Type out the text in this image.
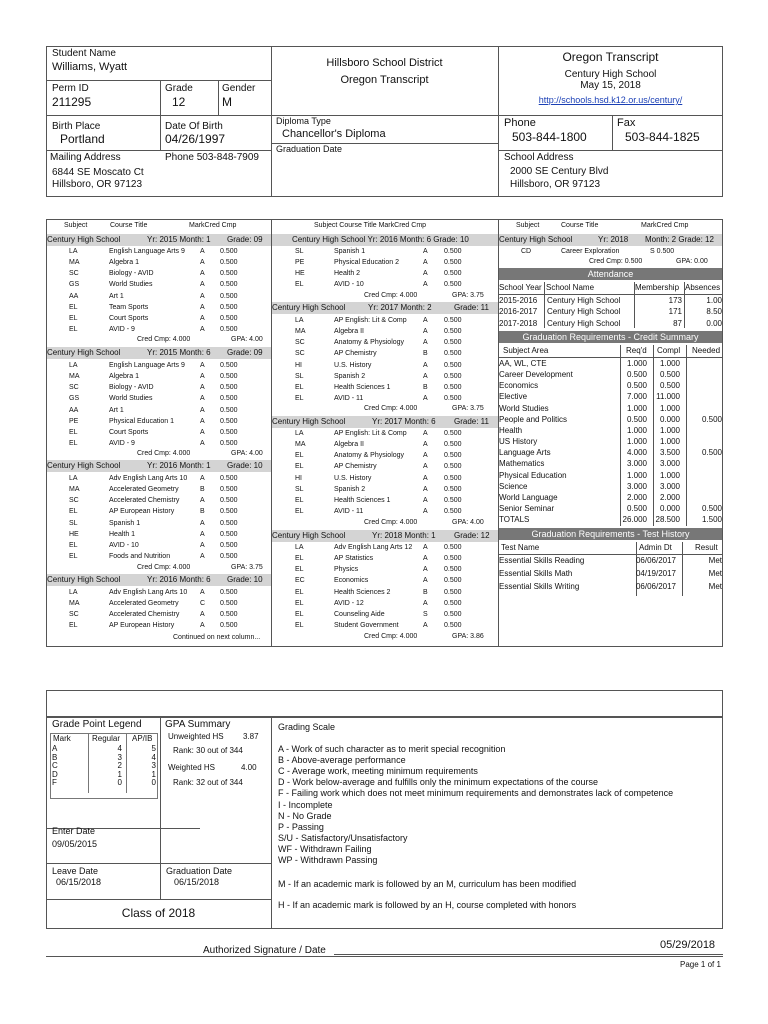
Student Name
Williams, Wyatt	Hillsboro School District
Oregon Transcript
Oregon Transcript
Century High School
May 15, 2018
http://schools.hsd.k12.or.us/century/
Perm ID
211295
Grade
12
Gender
M
Birth Place
Portland
Date Of Birth
04/26/1997
Diploma Type
Chancellor's Diploma
Graduation Date
Phone
503-844-1800
Fax
503-844-1825
Mailing Address	Phone 503-848-7909
6844 SE Moscato Ct
Hillsboro, OR 97123
School Address
2000 SE Century Blvd
Hillsboro, OR 97123
Subject	Course Title	MarkCred Cmp	Subject Course Title MarkCred Cmp	Subject	Course Title	MarkCred Cmp
Century High School	Yr: 2015 Month: 1 Grade: 09
LA	English Language Arts 9 A 0.500
MA	Algebra 1	A 0.500
SC	Biology - AVID	A 0.500
GS	World Studies	A 0.500
AA	Art 1	A 0.500
EL	Team Sports	A 0.500
EL	Court Sports	A 0.500
EL	AVID - 9	A 0.500
Cred Cmp: 4.000	GPA: 4.00
Century High School	Yr: 2015 Month: 6 Grade: 09
LA	English Language Arts 9 A 0.500
MA	Algebra 1	A 0.500
SC	Biology - AVID	A 0.500
GS	World Studies	A 0.500
AA	Art 1	A 0.500
PE	Physical Education 1	A 0.500
EL	Court Sports	A 0.500
EL	AVID - 9	A 0.500
Cred Cmp: 4.000	GPA: 4.00
Century High School	Yr: 2016 Month: 1 Grade: 10
LA	Adv English Lang Arts 10 A 0.500
MA	Accelerated Geometry	B 0.500
SC	Accelerated Chemistry	A 0.500
EL	AP European History	B 0.500
SL	Spanish 1	A 0.500
HE	Health 1	A 0.500
EL	AVID - 10	A 0.500
EL	Foods and Nutrition	A 0.500
Cred Cmp: 4.000	GPA: 3.75
Century High School	Yr: 2016 Month: 6 Grade: 10
LA	Adv English Lang Arts 10 A 0.500
MA	Accelerated Geometry	C 0.500
SC	Accelerated Chemistry	A 0.500
EL	AP European History	A 0.500
Continued on next column...
Century High School Yr: 2016 Month: 6 Grade: 10
SL	Spanish 1	A 0.500
PE	Physical Education 2	A 0.500
HE	Health 2	A 0.500
EL	AVID - 10	A 0.500
Cred Cmp: 4.000	GPA: 3.75
Century High School	Yr: 2017 Month: 2	Grade: 11
LA	AP English: Lit & Comp A 0.500
MA	Algebra II	A 0.500
SC	Anatomy & Physiology	A 0.500
SC	AP Chemistry	B 0.500
HI	U.S. History	A 0.500
SL	Spanish 2	A 0.500
EL	Health Sciences 1	B 0.500
EL	AVID - 11	A 0.500
Cred Cmp: 4.000	GPA: 3.75
Century High School	Yr: 2017 Month: 6 Grade: 11
LA	AP English: Lit & Comp A 0.500
MA	Algebra II	A 0.500
EL	Anatomy & Physiology	A 0.500
EL	AP Chemistry	A 0.500
HI	U.S. History	A 0.500
SL	Spanish 2	A 0.500
EL	Health Sciences 1	A 0.500
EL	AVID - 11	A 0.500
Cred Cmp: 4.000	GPA: 4.00
Century High School	Yr: 2018 Month: 1 Grade: 12
LA	Adv English Lang Arts 12 A 0.500
EL	AP Statistics	A 0.500
EL	Physics	A 0.500
EC	Economics	A 0.500
EL	Health Sciences 2	B 0.500
EL	AVID - 12	A 0.500
EL	Counseling Aide	S 0.500
EL	Student Government	A 0.500
Cred Cmp: 4.000	GPA: 3.86
Century High School	Yr: 2018 Month: 2 Grade: 12
CD	Career Exploration	S 0.500
Cred Cmp: 0.500	GPA: 0.00
Attendance
School Year School Name	Membership Absences
2015-2016 Century High School	173	1.00
2016-2017 Century High School	171	8.50
2017-2018 Century High School	87	0.00
Graduation Requirements - Credit Summary
Subject Area	Req'd Compl Needed
AA, WL, CTE	1.000 1.000
Career Development	0.500 0.500
Economics	0.500 0.500
Elective	7.000 11.000
World Studies	1.000 1.000
People and Politics	0.500 0.000	0.500
Health	1.000 1.000
US History	1.000 1.000
Language Arts	4.000 3.500	0.500
Mathematics	3.000 3.000
Physical Education	1.000 1.000
Science	3.000 3.000
World Language	2.000 2.000
Senior Seminar	0.500 0.000	0.500
TOTALS	26.000 28.500	1.500
Graduation Requirements - Test History
Test Name	Admin Dt	Result
Essential Skills Reading	06/06/2017	Met
Essential Skills Math	04/19/2017	Met
Essential Skills Writing	06/06/2017	Met
Grade Point Legend
Mark	Regular AP/IB
A	4	5
B	3	4
C	2	3
D	1	1
F	0	0
GPA Summary
Unweighted HS 3.87
Rank: 30 out of 344
Weighted HS	4.00
Rank: 32 out of 344
Enter Date
09/05/2015
Leave Date
06/15/2018
Graduation Date
06/15/2018
Class of 2018
Grading Scale
A - Work of such character as to merit special recognition
B - Above-average performance
C - Average work, meeting minimum requirements
D - Work below-average and fulfills only the minimum expectations of the course
F - Failing work which does not meet minimum requirements and demonstrates lack of competence
I - Incomplete
N - No Grade
P - Passing
S/U - Satisfactory/Unsatisfactory
WF - Withdrawn Failing
WP - Withdrawn Passing
M - If an academic mark is followed by an M, curriculum has been modified
H - If an academic mark is followed by an H, course completed with honors
Authorized Signature / Date	05/29/2018
Page 1 of 1
